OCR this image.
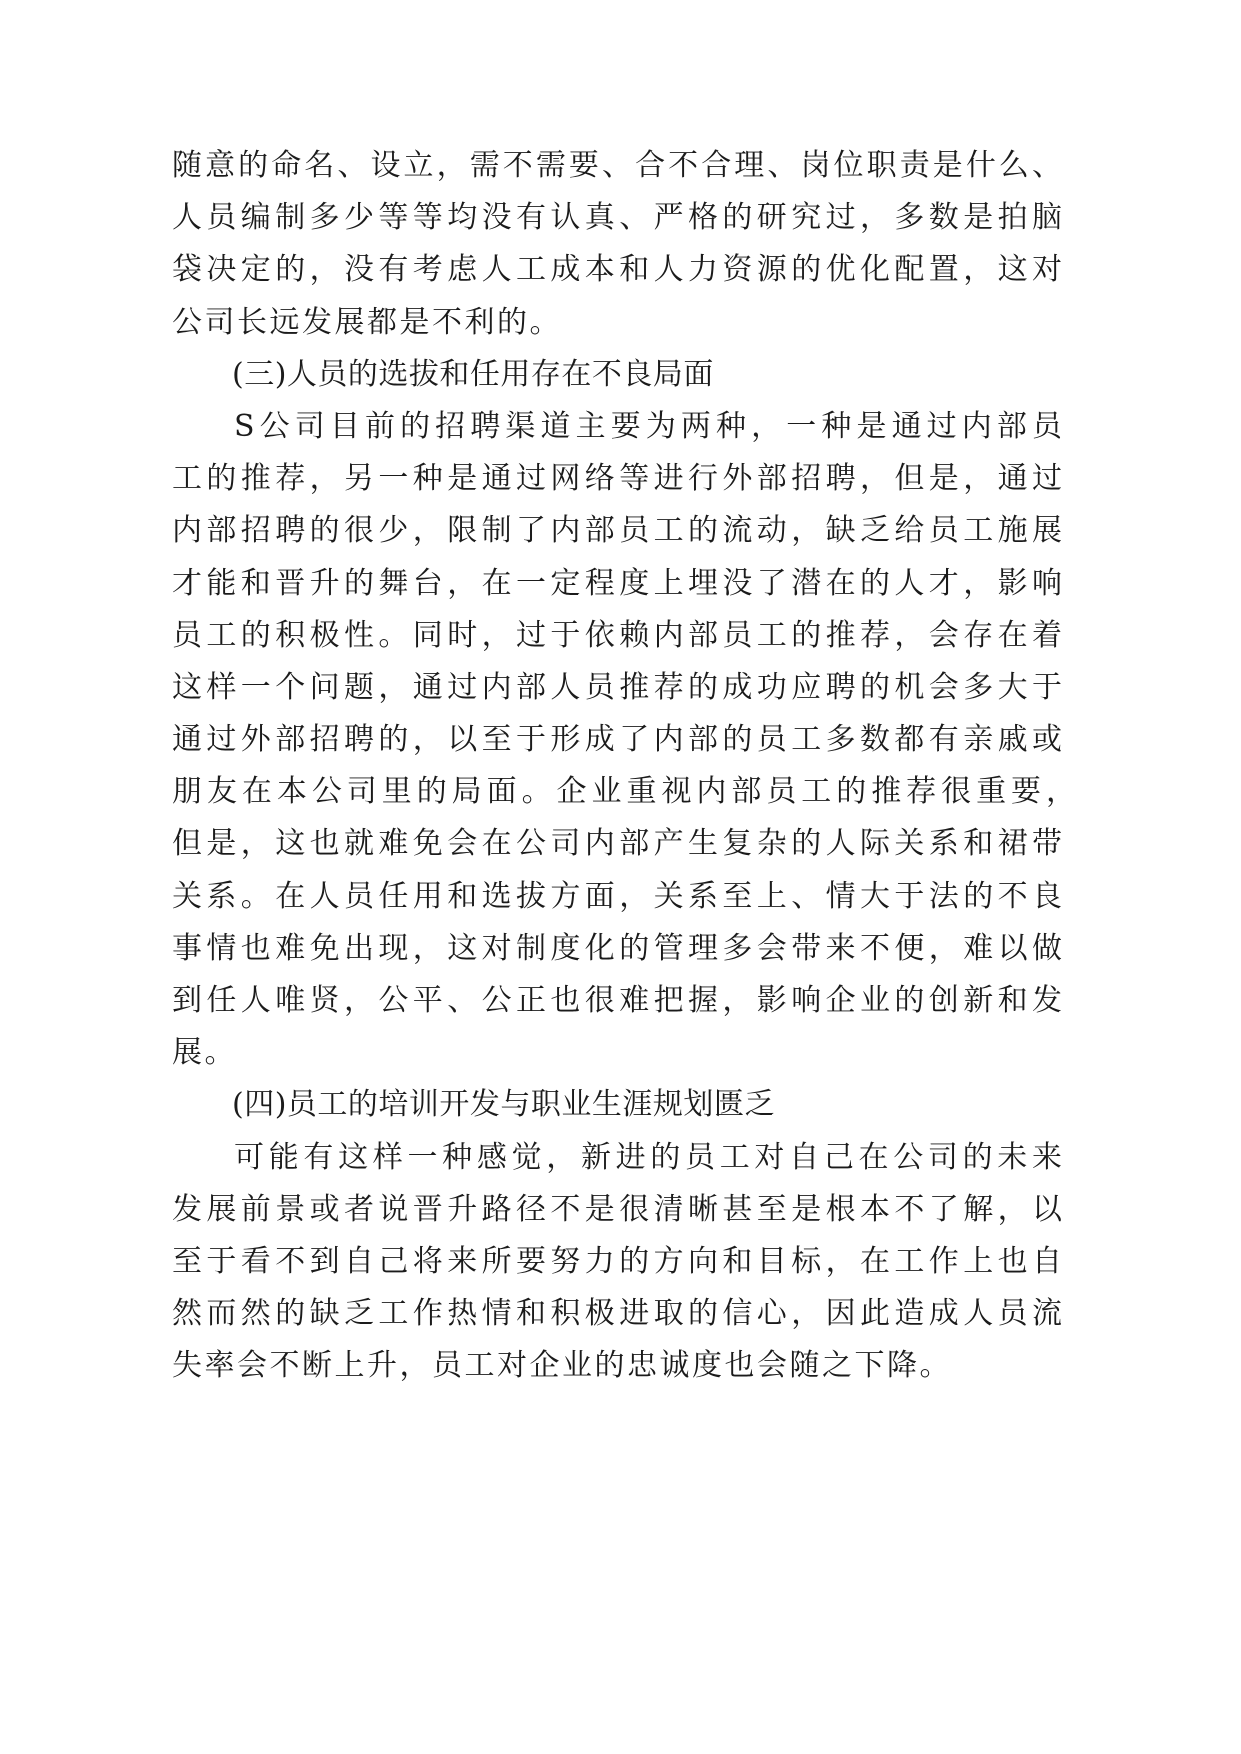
随意的命名、设立，需不需要、合不合理、岗位职责是什么、
人员编制多少等等均没有认真、严格的研究过，多数是拍脑
袋决定的，没有考虑人工成本和人力资源的优化配置，这对
公司长远发展都是不利的。
(三)人员的选拔和任用存在不良局面
S公司目前的招聘渠道主要为两种，一种是通过内部员
工的推荐，另一种是通过网络等进行外部招聘，但是，通过
内部招聘的很少，限制了内部员工的流动，缺乏给员工施展
才能和晋升的舞台，在一定程度上埋没了潜在的人才，影响
员工的积极性。同时，过于依赖内部员工的推荐，会存在着
这样一个问题，通过内部人员推荐的成功应聘的机会多大于
通过外部招聘的，以至于形成了内部的员工多数都有亲戚或
朋友在本公司里的局面。企业重视内部员工的推荐很重要，
但是，这也就难免会在公司内部产生复杂的人际关系和裙带
关系。在人员任用和选拔方面，关系至上、情大于法的不良
事情也难免出现，这对制度化的管理多会带来不便，难以做
到任人唯贤，公平、公正也很难把握，影响企业的创新和发
展。
(四)员工的培训开发与职业生涯规划匮乏
可能有这样一种感觉，新进的员工对自己在公司的未来
发展前景或者说晋升路径不是很清晰甚至是根本不了解，以
至于看不到自己将来所要努力的方向和目标，在工作上也自
然而然的缺乏工作热情和积极进取的信心，因此造成人员流
失率会不断上升，员工对企业的忠诚度也会随之下降。
